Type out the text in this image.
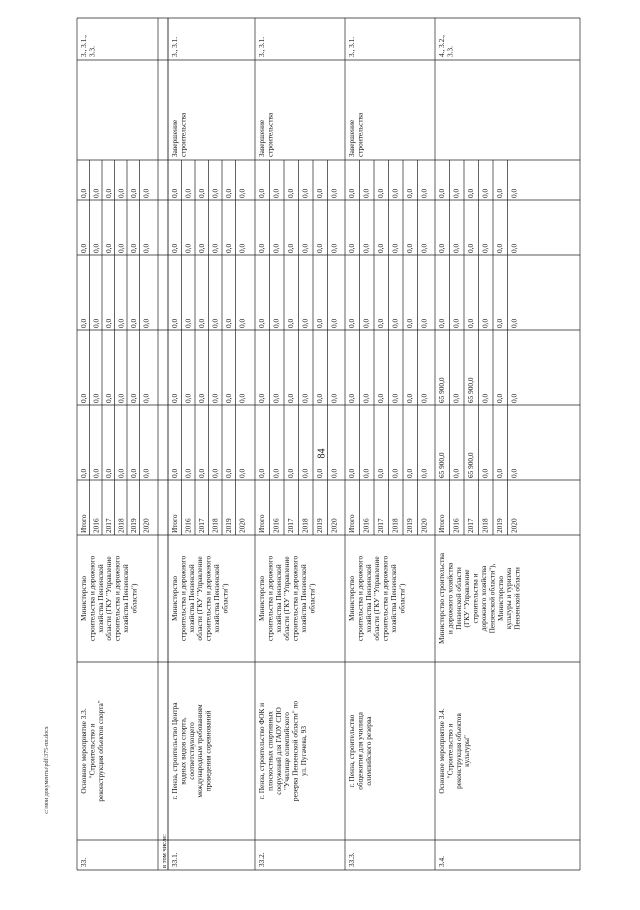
84
c:\мои документы\pdf\375-пп.docx
в том числе:
33.
Основное мероприятие 3.3. "Строительство и реконструкция объектов спорта"
Министерство строительства и дорожного хозяйства Пензенской области (ГКУ "Управление строительства и дорожного хозяйства Пензенской области")
Итого 2016 2017 2018 2019 2020
0,0 0,0 0,0 0,0 0,0 0,0
0,0 0,0 0,0 0,0 0,0 0,0
0,0 0,0 0,0 0,0 0,0 0,0
0,0 0,0 0,0 0,0 0,0 0,0
0,0 0,0 0,0 0,0 0,0 0,0
3., 3.1., 3.3.
33.1.
г. Пенза, строительство Центра водных видов спорта, соответствующего международным требованиям проведения соревнований
Министерство строительства и дорожного хозяйства Пензенской области (ГКУ "Управление строительства и дорожного хозяйства Пензенской области")
Итого 2016 2017 2018 2019 2020
0,0 0,0 0,0 0,0 0,0 0,0
0,0 0,0 0,0 0,0 0,0 0,0
0,0 0,0 0,0 0,0 0,0 0,0
0,0 0,0 0,0 0,0 0,0 0,0
0,0 0,0 0,0 0,0 0,0 0,0
Завершение строительства
3., 3.1.
33.2.
г. Пенза, строительство ФОК и плоскостных спортивных сооружений для ГАОУ СПО "Училище олимпийского резерва Пензенской области" по ул. Пугачева, 93
Министерство строительства и дорожного хозяйства Пензенской области (ГКУ "Управление строительства и дорожного хозяйства Пензенской области")
Итого 2016 2017 2018 2019 2020
0,0 0,0 0,0 0,0 0,0 0,0
0,0 0,0 0,0 0,0 0,0 0,0
0,0 0,0 0,0 0,0 0,0 0,0
0,0 0,0 0,0 0,0 0,0 0,0
0,0 0,0 0,0 0,0 0,0 0,0
Завершение строительства
3., 3.1.
33.3.
г. Пенза, строительство общежития для училища олимпийского резерва
Министерство строительства и дорожного хозяйства Пензенской области (ГКУ "Управление строительства и дорожного хозяйства Пензенской области")
Итого 2016 2017 2018 2019 2020
0,0 0,0 0,0 0,0 0,0 0,0
0,0 0,0 0,0 0,0 0,0 0,0
0,0 0,0 0,0 0,0 0,0 0,0
0,0 0,0 0,0 0,0 0,0 0,0
0,0 0,0 0,0 0,0 0,0 0,0
Завершение строительства
3., 3.1.
3.4.
Основное мероприятие 3.4. "Строительство и реконструкция объектов культуры"
Министерство строительства и дорожного хозяйства Пензенской области (ГКУ "Управление строительства и дорожного хозяйства Пензенской области"), Министерство культуры и туризма Пензенской области
Итого 2016 2017 2018 2019 2020
65 900,0 0,0 65 900,0 0,0 0,0 0,0
65 900,0 0,0 65 900,0 0,0 0,0 0,0
0,0 0,0 0,0 0,0 0,0 0,0
0,0 0,0 0,0 0,0 0,0 0,0
0,0 0,0 0,0 0,0 0,0 0,0
4., 3.2., 3.3.
